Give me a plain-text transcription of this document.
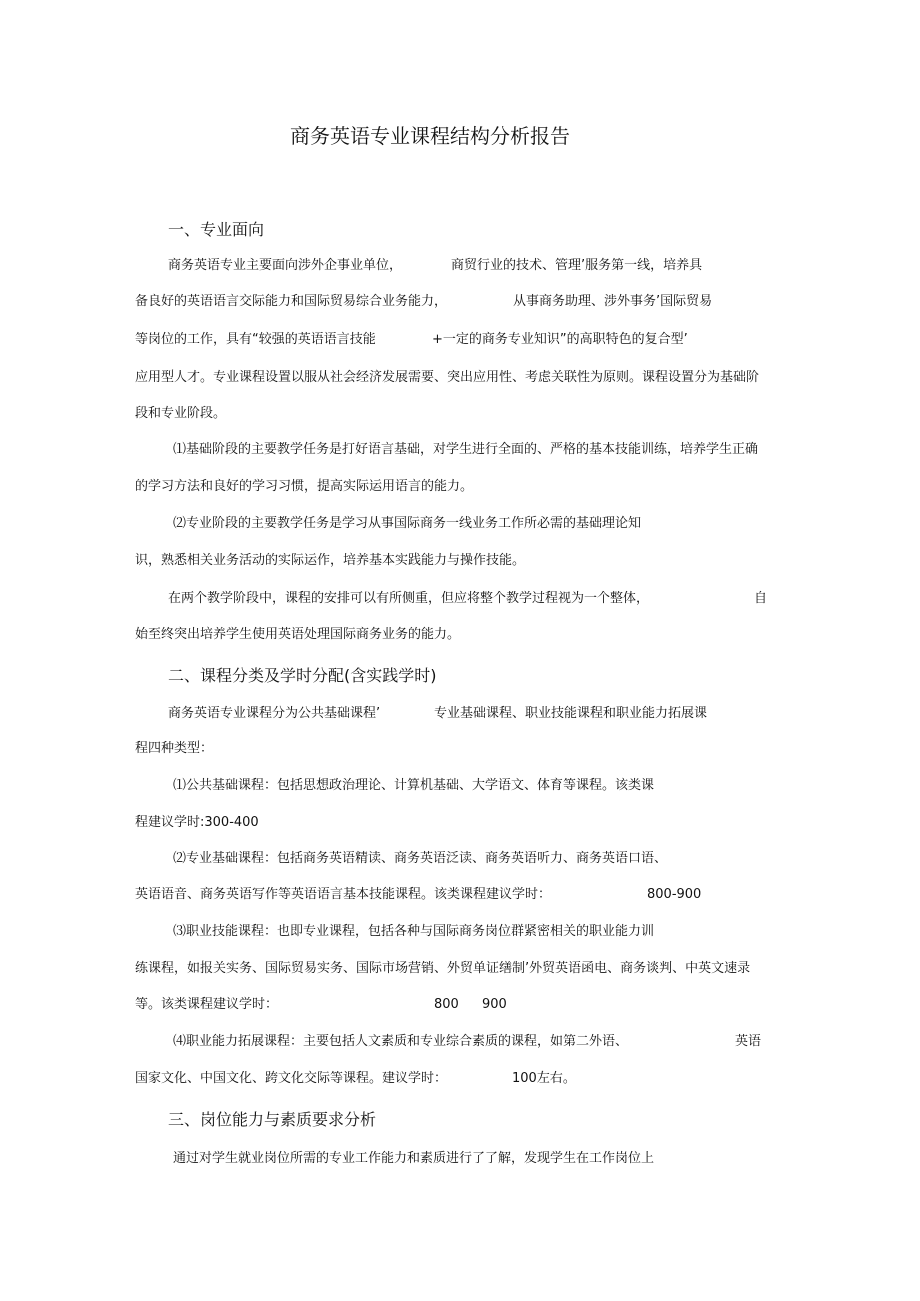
商务英语专业课程结构分析报告
一、专业面向
商务英语专业主要面向涉外企事业单位，	商贸行业的技术、管理’服务第一线，培养具
备良好的英语语言交际能力和国际贸易综合业务能力，	从事商务助理、涉外事务’国际贸易
等岗位的工作，具有“较强的英语语言技能	+一定的商务专业知识”的高职特色的复合型’
应用型人才。专业课程设置以服从社会经济发展需要、突出应用性、考虑关联性为原则。课程设置分为基础阶
段和专业阶段。
⑴基础阶段的主要教学任务是打好语言基础，对学生进行全面的、严格的基本技能训练，培养学生正确
的学习方法和良好的学习习惯，提高实际运用语言的能力。
⑵专业阶段的主要教学任务是学习从事国际商务一线业务工作所必需的基础理论知
识，熟悉相关业务活动的实际运作，培养基本实践能力与操作技能。
在两个教学阶段中，课程的安排可以有所侧重，但应将整个教学过程视为一个整体，	自
始至终突出培养学生使用英语处理国际商务业务的能力。
二、课程分类及学时分配(含实践学时)
商务英语专业课程分为公共基础课程’	专业基础课程、职业技能课程和职业能力拓展课
程四种类型：
⑴公共基础课程：包括思想政治理论、计算机基础、大学语文、体育等课程。该类课
程建议学时:300-400
⑵专业基础课程：包括商务英语精读、商务英语泛读、商务英语听力、商务英语口语、
英语语音、商务英语写作等英语语言基本技能课程。该类课程建议学时：	800-900
⑶职业技能课程：也即专业课程，包括各种与国际商务岗位群紧密相关的职业能力训
练课程，如报关实务、国际贸易实务、国际市场营销、外贸单证缮制’外贸英语函电、商务谈判、中英文速录
等。该类课程建议学时：	800 900
⑷职业能力拓展课程：主要包括人文素质和专业综合素质的课程，如第二外语、	英语
国家文化、中国文化、跨文化交际等课程。建议学时：	100左右。
三、岗位能力与素质要求分析
通过对学生就业岗位所需的专业工作能力和素质进行了了解，发现学生在工作岗位上
